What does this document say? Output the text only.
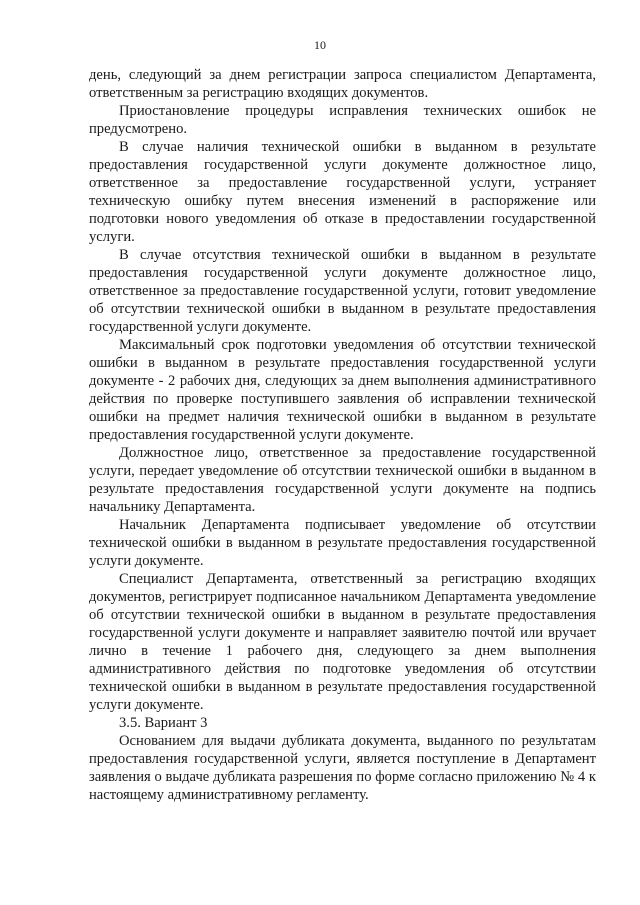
10

день, следующий за днем регистрации запроса специалистом Департамента, ответственным за регистрацию входящих документов.

Приостановление процедуры исправления технических ошибок не предусмотрено.

В случае наличия технической ошибки в выданном в результате предоставления государственной услуги документе должностное лицо, ответственное за предоставление государственной услуги, устраняет техническую ошибку путем внесения изменений в распоряжение или подготовки нового уведомления об отказе в предоставлении государственной услуги.

В случае отсутствия технической ошибки в выданном в результате предоставления государственной услуги документе должностное лицо, ответственное за предоставление государственной услуги, готовит уведомление об отсутствии технической ошибки в выданном в результате предоставления государственной услуги документе.

Максимальный срок подготовки уведомления об отсутствии технической ошибки в выданном в результате предоставления государственной услуги документе - 2 рабочих дня, следующих за днем выполнения административного действия по проверке поступившего заявления об исправлении технической ошибки на предмет наличия технической ошибки в выданном в результате предоставления государственной услуги документе.

Должностное лицо, ответственное за предоставление государственной услуги, передает уведомление об отсутствии технической ошибки в выданном в результате предоставления государственной услуги документе на подпись начальнику Департамента.

Начальник Департамента подписывает уведомление об отсутствии технической ошибки в выданном в результате предоставления государственной услуги документе.

Специалист Департамента, ответственный за регистрацию входящих документов, регистрирует подписанное начальником Департамента уведомление об отсутствии технической ошибки в выданном в результате предоставления государственной услуги документе и направляет заявителю почтой или вручает лично в течение 1 рабочего дня, следующего за днем выполнения административного действия по подготовке уведомления об отсутствии технической ошибки в выданном в результате предоставления государственной услуги документе.

3.5. Вариант 3

Основанием для выдачи дубликата документа, выданного по результатам предоставления государственной услуги, является поступление в Департамент заявления о выдаче дубликата разрешения по форме согласно приложению № 4 к настоящему административному регламенту.
